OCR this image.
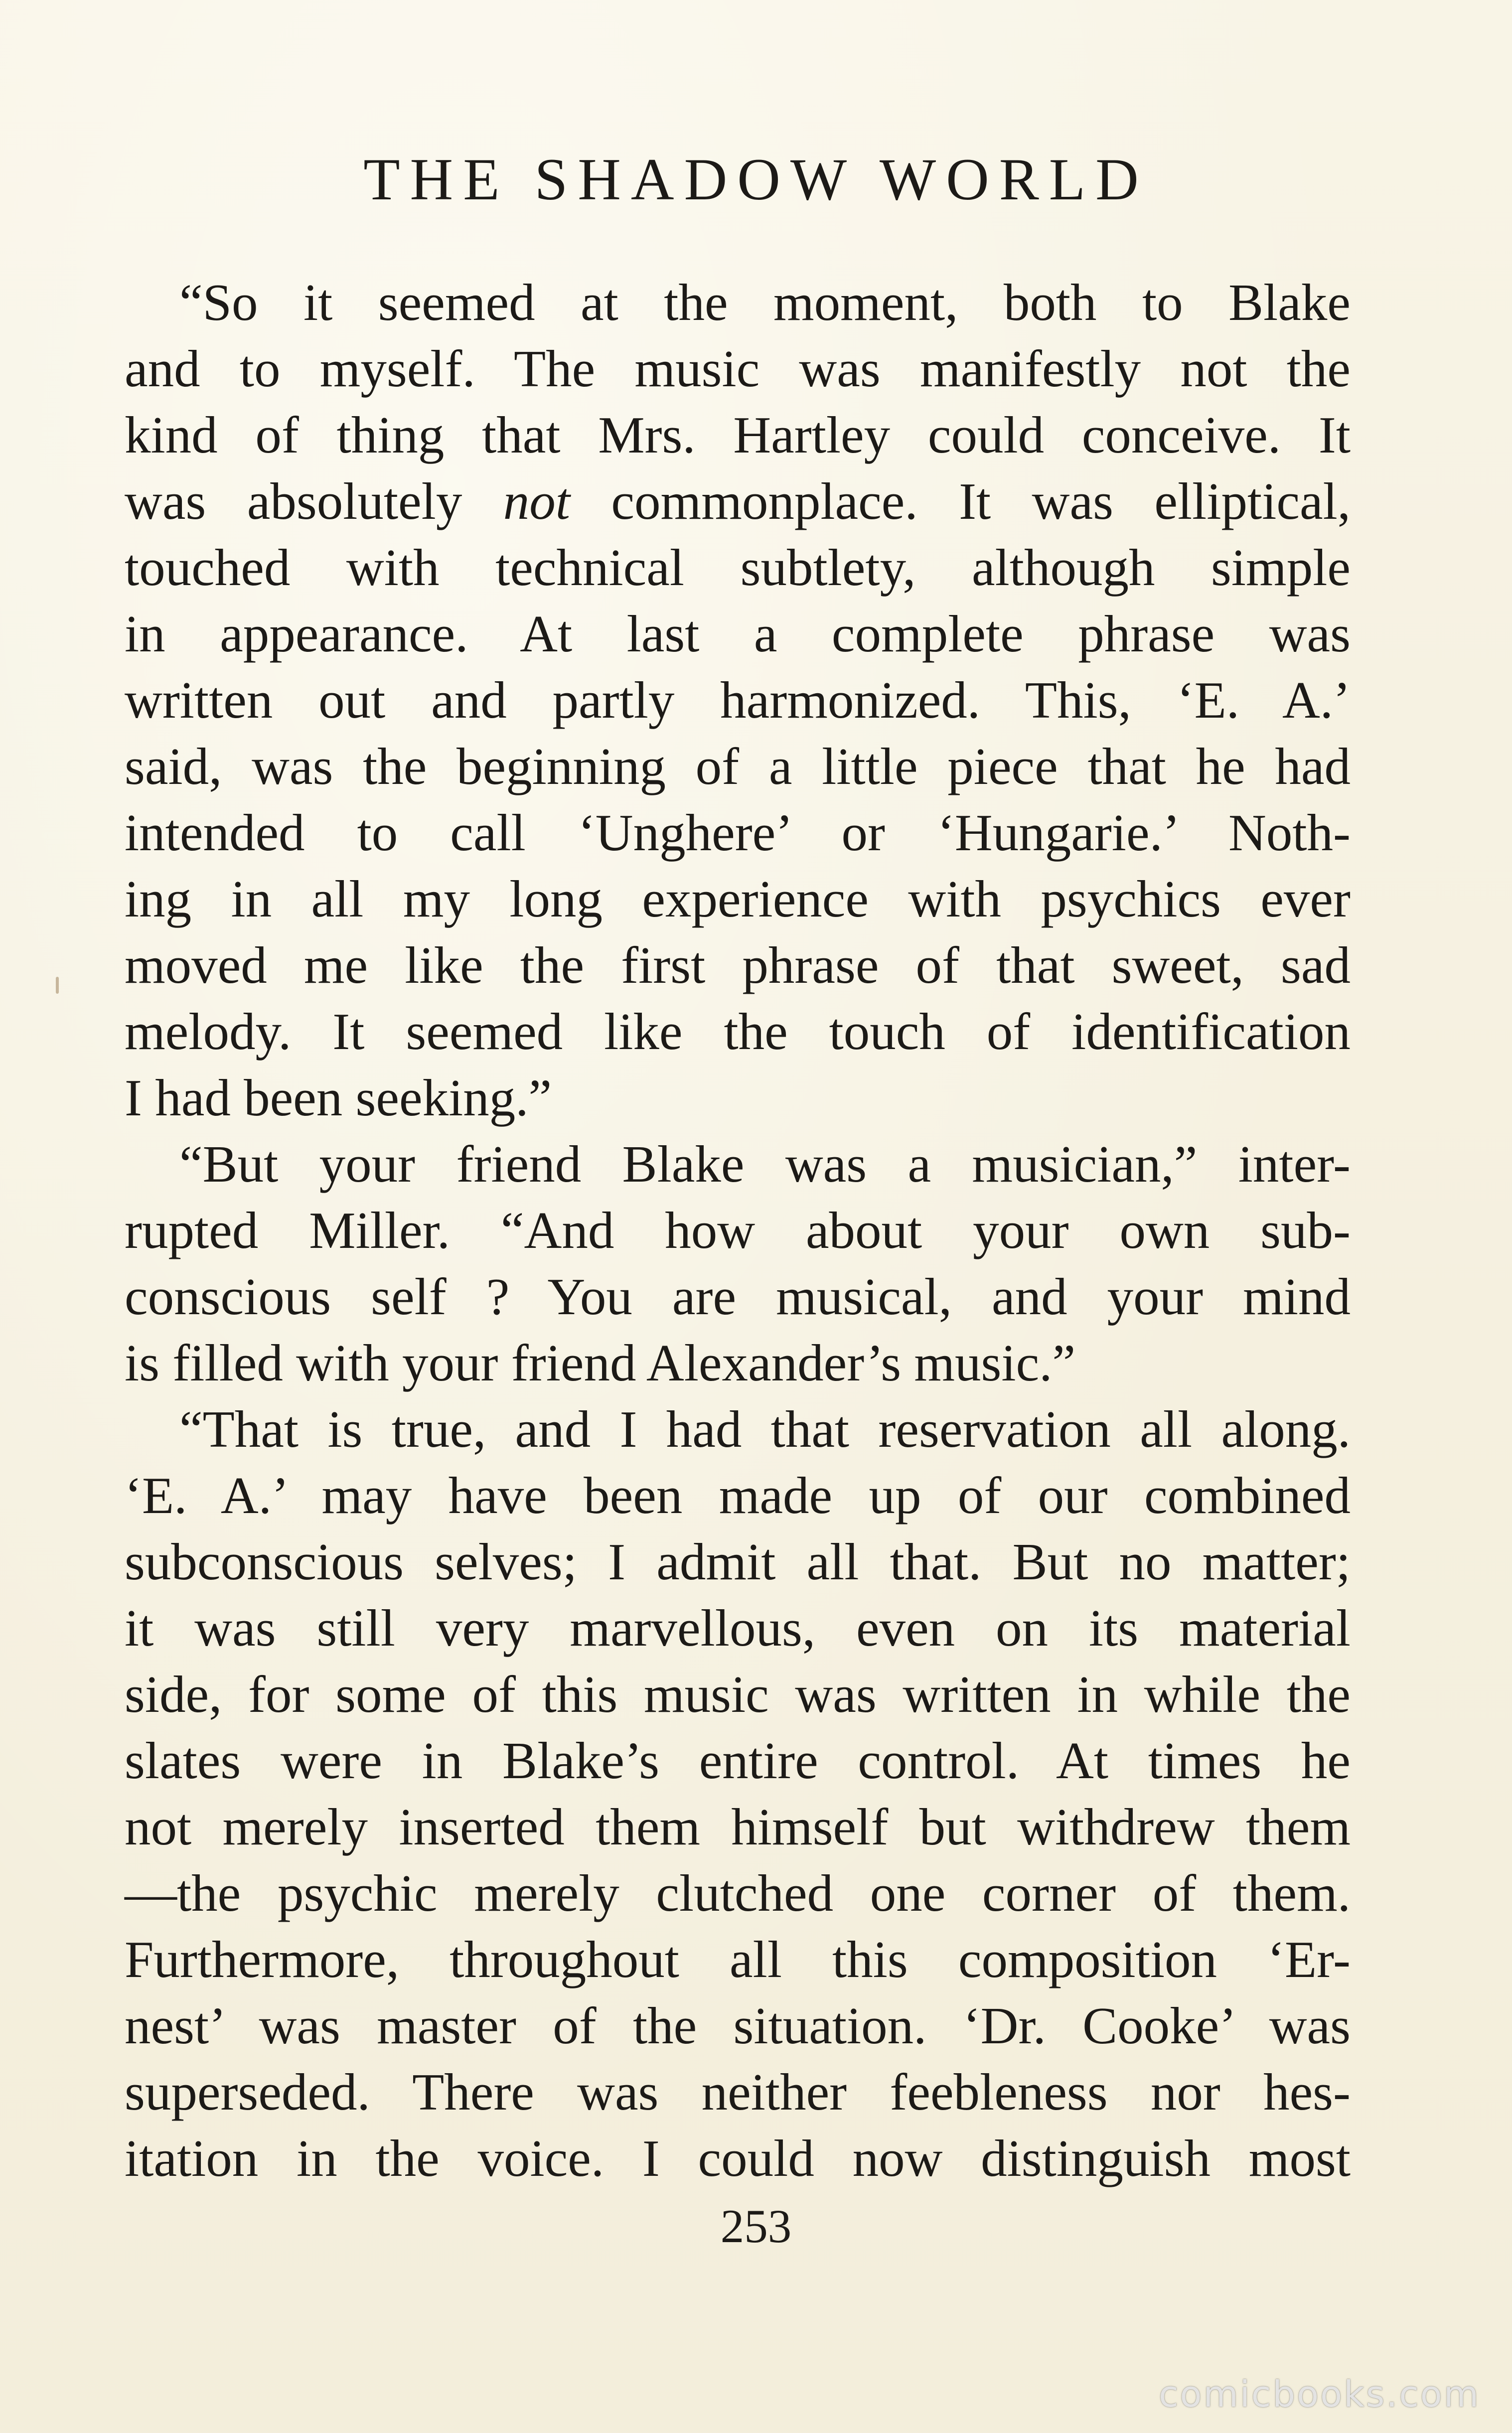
THE SHADOW WORLD
“So it seemed at the moment, both to Blake
and to myself. The music was manifestly not the
kind of thing that Mrs. Hartley could conceive. It
was absolutely not commonplace. It was elliptical,
touched with technical subtlety, although simple
in appearance. At last a complete phrase was
written out and partly harmonized. This, ‘E. A.’
said, was the beginning of a little piece that he had
intended to call ‘Unghere’ or ‘Hungarie.’ Noth-
ing in all my long experience with psychics ever
moved me like the first phrase of that sweet, sad
melody. It seemed like the touch of identification
I had been seeking.”
“But your friend Blake was a musician,” inter-
rupted Miller. “And how about your own sub-
conscious self ? You are musical, and your mind
is filled with your friend Alexander’s music.”
“That is true, and I had that reservation all along.
‘E. A.’ may have been made up of our combined
subconscious selves; I admit all that. But no matter;
it was still very marvellous, even on its material
side, for some of this music was written in while the
slates were in Blake’s entire control. At times he
not merely inserted them himself but withdrew them
—the psychic merely clutched one corner of them.
Furthermore, throughout all this composition ‘Er-
nest’ was master of the situation. ‘Dr. Cooke’ was
superseded. There was neither feebleness nor hes-
itation in the voice. I could now distinguish most
253
comicbooks.com
